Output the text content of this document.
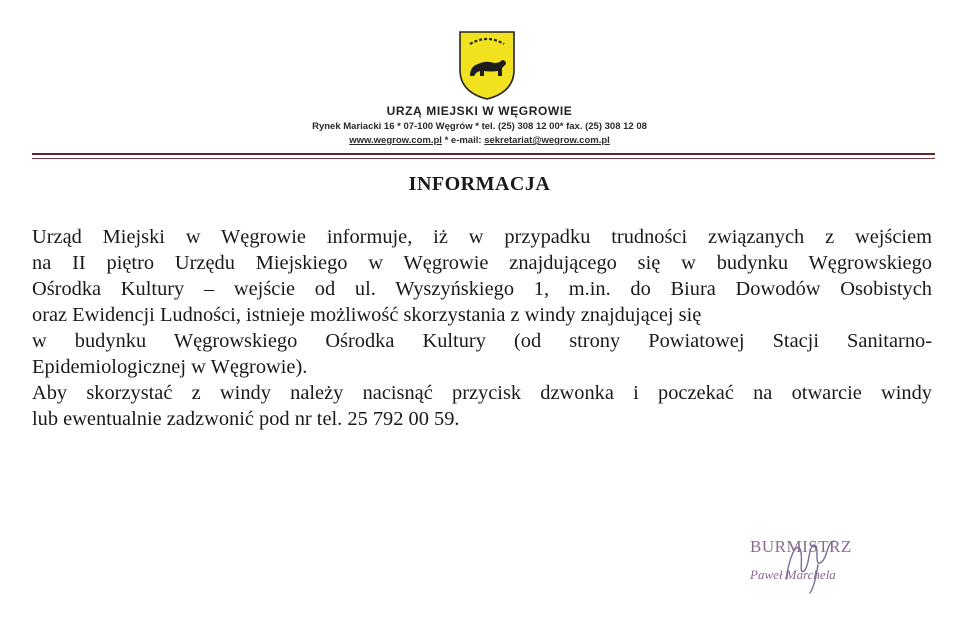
URZĄ MIEJSKI W WĘGROWIE
Rynek Mariacki 16 * 07-100 Węgrów * tel. (25) 308 12 00* fax. (25) 308 12 08
www.wegrow.com.pl * e-mail: sekretariat@wegrow.com.pl
INFORMACJA
Urząd Miejski w Węgrowie informuje, iż w przypadku trudności związanych z wejściem
na II piętro Urzędu Miejskiego w Węgrowie znajdującego się w budynku Węgrowskiego
Ośrodka Kultury – wejście od ul. Wyszyńskiego 1, m.in. do Biura Dowodów Osobistych
oraz Ewidencji Ludności, istnieje możliwość skorzystania z windy znajdującej się
w budynku Węgrowskiego Ośrodka Kultury (od strony Powiatowej Stacji Sanitarno-
Epidemiologicznej w Węgrowie).
Aby skorzystać z windy należy nacisnąć przycisk dzwonka i poczekać na otwarcie windy
lub ewentualnie zadzwonić pod nr tel. 25 792 00 59.
BURMISTRZ
Paweł Marchela
